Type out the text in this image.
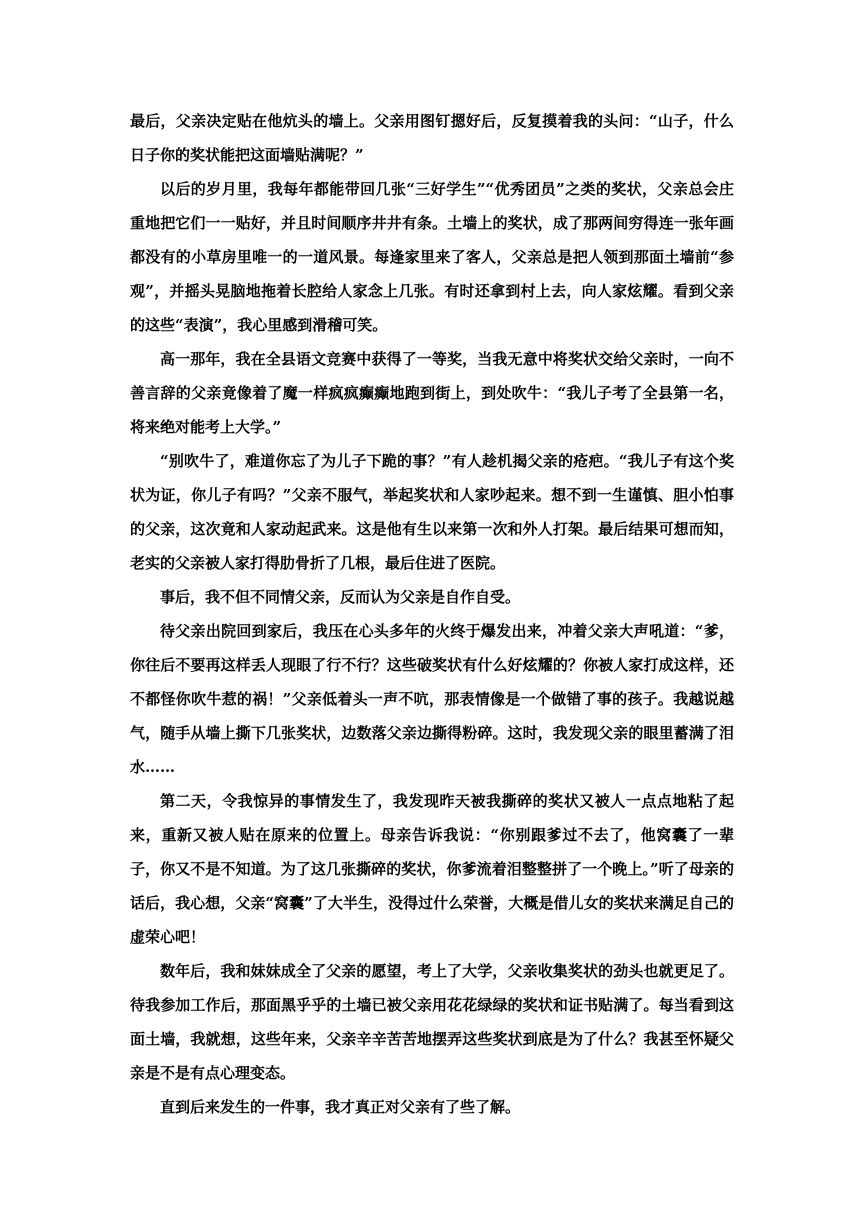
最后，父亲决定贴在他炕头的墙上。父亲用图钉摁好后，反复摸着我的头问：“山子，什么日子你的奖状能把这面墙贴满呢？”

以后的岁月里，我每年都能带回几张“三好学生”“优秀团员”之类的奖状，父亲总会庄重地把它们一一贴好，并且时间顺序井井有条。土墙上的奖状，成了那两间穷得连一张年画都没有的小草房里唯一的一道风景。每逢家里来了客人，父亲总是把人领到那面土墙前“参观”，并摇头晃脑地拖着长腔给人家念上几张。有时还拿到村上去，向人家炫耀。看到父亲的这些“表演”，我心里感到滑稽可笑。

高一那年，我在全县语文竞赛中获得了一等奖，当我无意中将奖状交给父亲时，一向不善言辞的父亲竟像着了魔一样疯疯癫癫地跑到街上，到处吹牛：“我儿子考了全县第一名，将来绝对能考上大学。”

“别吹牛了，难道你忘了为儿子下跪的事？”有人趁机揭父亲的疮疤。“我儿子有这个奖状为证，你儿子有吗？”父亲不服气，举起奖状和人家吵起来。想不到一生谨慎、胆小怕事的父亲，这次竟和人家动起武来。这是他有生以来第一次和外人打架。最后结果可想而知，老实的父亲被人家打得肋骨折了几根，最后住进了医院。

事后，我不但不同情父亲，反而认为父亲是自作自受。

待父亲出院回到家后，我压在心头多年的火终于爆发出来，冲着父亲大声吼道：“爹，你往后不要再这样丢人现眼了行不行？这些破奖状有什么好炫耀的？你被人家打成这样，还不都怪你吹牛惹的祸！”父亲低着头一声不吭，那表情像是一个做错了事的孩子。我越说越气，随手从墙上撕下几张奖状，边数落父亲边撕得粉碎。这时，我发现父亲的眼里蓄满了泪水……

第二天，令我惊异的事情发生了，我发现昨天被我撕碎的奖状又被人一点点地粘了起来，重新又被人贴在原来的位置上。母亲告诉我说：“你别跟爹过不去了，他窝囊了一辈子，你又不是不知道。为了这几张撕碎的奖状，你爹流着泪整整拼了一个晚上。”听了母亲的话后，我心想，父亲“窝囊”了大半生，没得过什么荣誉，大概是借儿女的奖状来满足自己的虚荣心吧！

数年后，我和妹妹成全了父亲的愿望，考上了大学，父亲收集奖状的劲头也就更足了。待我参加工作后，那面黑乎乎的土墙已被父亲用花花绿绿的奖状和证书贴满了。每当看到这面土墙，我就想，这些年来，父亲辛辛苦苦地摆弄这些奖状到底是为了什么？我甚至怀疑父亲是不是有点心理变态。

直到后来发生的一件事，我才真正对父亲有了些了解。
